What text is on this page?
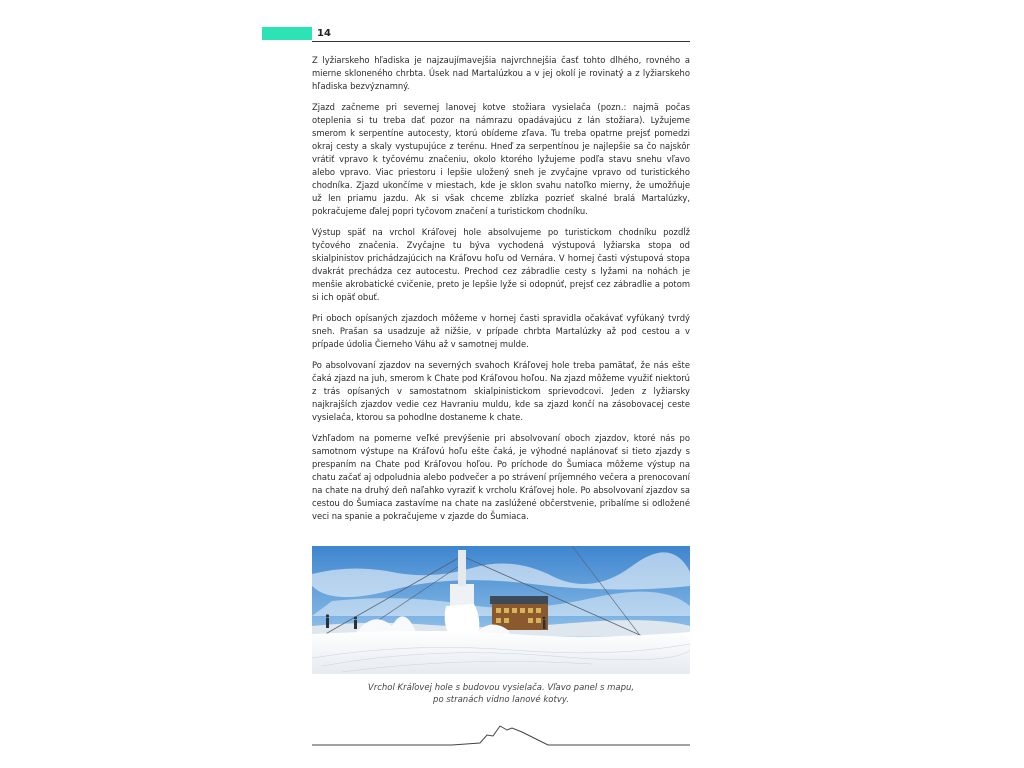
14

Z lyžiarskeho hľadiska je najzaujímavejšia najvrchnejšia časť tohto dlhého, rovného a mierne skloneného chrbta. Úsek nad Martalúzkou a v jej okolí je rovinatý a z lyžiarskeho hľadiska bezvýznamný.

Zjazd začneme pri severnej lanovej kotve stožiara vysielača (pozn.: najmä počas oteplenia si tu treba dať pozor na námrazu opadávajúcu z lán stožiara). Lyžujeme smerom k serpentíne autocesty, ktorú obídeme zľava. Tu treba opatrne prejsť pomedzi okraj cesty a skaly vystupujúce z terénu. Hneď za serpentínou je najlepšie sa čo najskôr vrátiť vpravo k tyčovému značeniu, okolo ktorého lyžujeme podľa stavu snehu vľavo alebo vpravo. Viac priestoru i lepšie uložený sneh je zvyčajne vpravo od turistického chodníka. Zjazd ukončíme v miestach, kde je sklon svahu natoľko mierny, že umožňuje už len priamu jazdu. Ak si však chceme zblízka pozrieť skalné bralá Martalúzky, pokračujeme ďalej popri tyčovom značení a turistickom chodníku.

Výstup späť na vrchol Kráľovej hole absolvujeme po turistickom chodníku pozdĺž tyčového značenia. Zvyčajne tu býva vychodená výstupová lyžiarska stopa od skialpinistov prichádzajúcich na Kráľovu hoľu od Vernára. V hornej časti výstupová stopa dvakrát prechádza cez autocestu. Prechod cez zábradlie cesty s lyžami na nohách je menšie akrobatické cvičenie, preto je lepšie lyže si odopnúť, prejsť cez zábradlie a potom si ich opäť obuť.

Pri oboch opísaných zjazdoch môžeme v hornej časti spravidla očakávať vyfúkaný tvrdý sneh. Prašan sa usadzuje až nižšie, v prípade chrbta Martalúzky až pod cestou a v prípade údolia Čierneho Váhu až v samotnej mulde.

Po absolvovaní zjazdov na severných svahoch Kráľovej hole treba pamätať, že nás ešte čaká zjazd na juh, smerom k Chate pod Kráľovou hoľou. Na zjazd môžeme využiť niektorú z trás opísaných v samostatnom skialpinistickom sprievodcovi. Jeden z lyžiarsky najkrajších zjazdov vedie cez Havraniu muldu, kde sa zjazd končí na zásobovacej ceste vysielača, ktorou sa pohodlne dostaneme k chate.

Vzhľadom na pomerne veľké prevýšenie pri absolvovaní oboch zjazdov, ktoré nás po samotnom výstupe na Kráľovú hoľu ešte čaká, je výhodné naplánovať si tieto zjazdy s prespaním na Chate pod Kráľovou hoľou. Po príchode do Šumiaca môžeme výstup na chatu začať aj odpoludnia alebo podvečer a po strávení príjemného večera a prenocovaní na chate na druhý deň naľahko vyraziť k vrcholu Kráľovej hole. Po absolvovaní zjazdov sa cestou do Šumiaca zastavíme na chate na zaslúžené občerstvenie, pribalíme si odložené veci na spanie a pokračujeme v zjazde do Šumiaca.

Vrchol Kráľovej hole s budovou vysielača. Vľavo panel s mapu,
po stranách vidno lanové kotvy.
